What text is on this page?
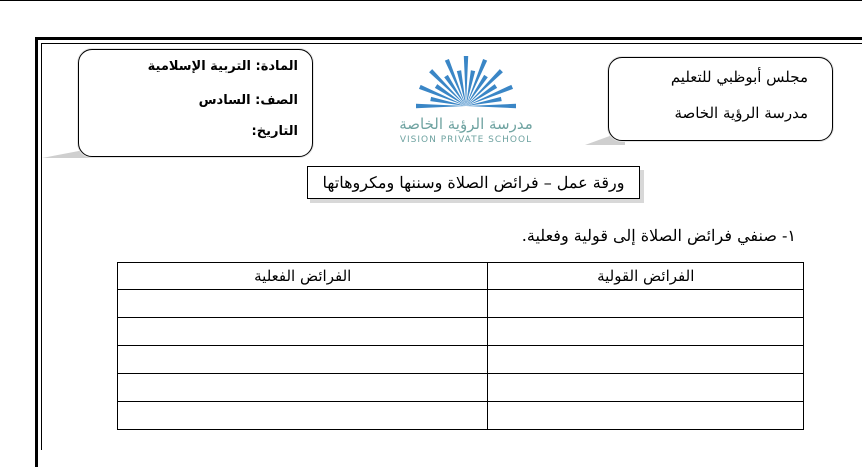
المادة: التربية الإسلامية
الصف: السادس
التاريخ:	مدرسة الرؤية الخاصة
VISION PRIVATE SCHOOL
مجلس أبوظبي للتعليم
مدرسة الرؤية الخاصة
ورقة عمل – فرائض الصلاة وسننها ومكروهاتها
١- صنفي فرائض الصلاة إلى قولية وفعلية.
الفرائض الفعلية	الفرائض القولية
